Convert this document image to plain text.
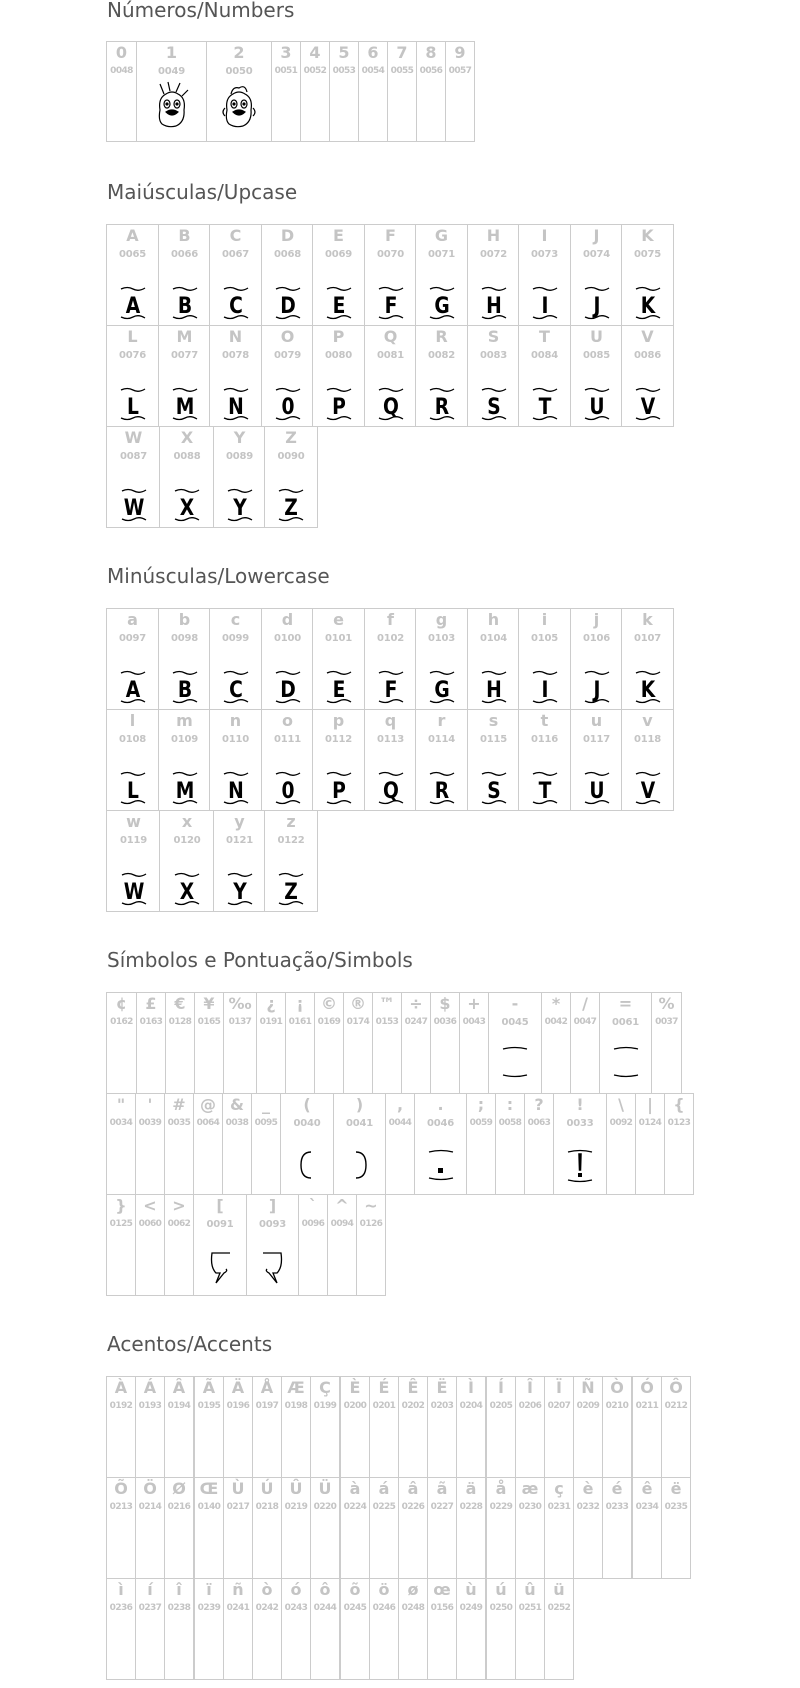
Números/Numbers
0
0048
1
0049
2
0050
3
0051
4
0052
5
0053
6
0054
7
0055
8
0056
9
0057
Maiúsculas/Upcase
A
0065
A
B
0066
B
C
0067
C
D
0068
D
E
0069
E
F
0070
F
G
0071
G
H
0072
H
I
0073
I
J
0074
J
K
0075
K
L
0076
L
M
0077
M
N
0078
N
O
0079
0
P
0080
P
Q
0081
Q
R
0082
R
S
0083
S
T
0084
T
U
0085
U
V
0086
V
W
0087
W
X
0088
X
Y
0089
Y
Z
0090
Z
Minúsculas/Lowercase
a
0097
A
b
0098
B
c
0099
C
d
0100
D
e
0101
E
f
0102
F
g
0103
G
h
0104
H
i
0105
I
j
0106
J
k
0107
K
l
0108
L
m
0109
M
n
0110
N
o
0111
0
p
0112
P
q
0113
Q
r
0114
R
s
0115
S
t
0116
T
u
0117
U
v
0118
V
w
0119
W
x
0120
X
y
0121
Y
z
0122
Z
Símbolos e Pontuação/Simbols
¢
0162
£
0163
€
0128
¥
0165
‰
0137
¿
0191
¡
0161
©
0169
®
0174
™
0153
÷
0247
$
0036
+
0043
-
0045
*
0042
/
0047
=
0061
%
0037
"
0034
'
0039
#
0035
@
0064
&
0038
_
0095
(
0040
)
0041
,
0044
.
0046
;
0059
:
0058
?
0063
!
0033
\
0092
|
0124
{
0123
}
0125
<
0060
>
0062
[
0091
]
0093
`
0096
^
0094
~
0126
Acentos/Accents
À
0192
Á
0193
Â
0194
Ã
0195
Ä
0196
Å
0197
Æ
0198
Ç
0199
È
0200
É
0201
Ê
0202
Ë
0203
Ì
0204
Í
0205
Î
0206
Ï
0207
Ñ
0209
Ò
0210
Ó
0211
Ô
0212
Õ
0213
Ö
0214
Ø
0216
Œ
0140
Ù
0217
Ú
0218
Û
0219
Ü
0220
à
0224
á
0225
â
0226
ã
0227
ä
0228
å
0229
æ
0230
ç
0231
è
0232
é
0233
ê
0234
ë
0235
ì
0236
í
0237
î
0238
ï
0239
ñ
0241
ò
0242
ó
0243
ô
0244
õ
0245
ö
0246
ø
0248
œ
0156
ù
0249
ú
0250
û
0251
ü
0252
